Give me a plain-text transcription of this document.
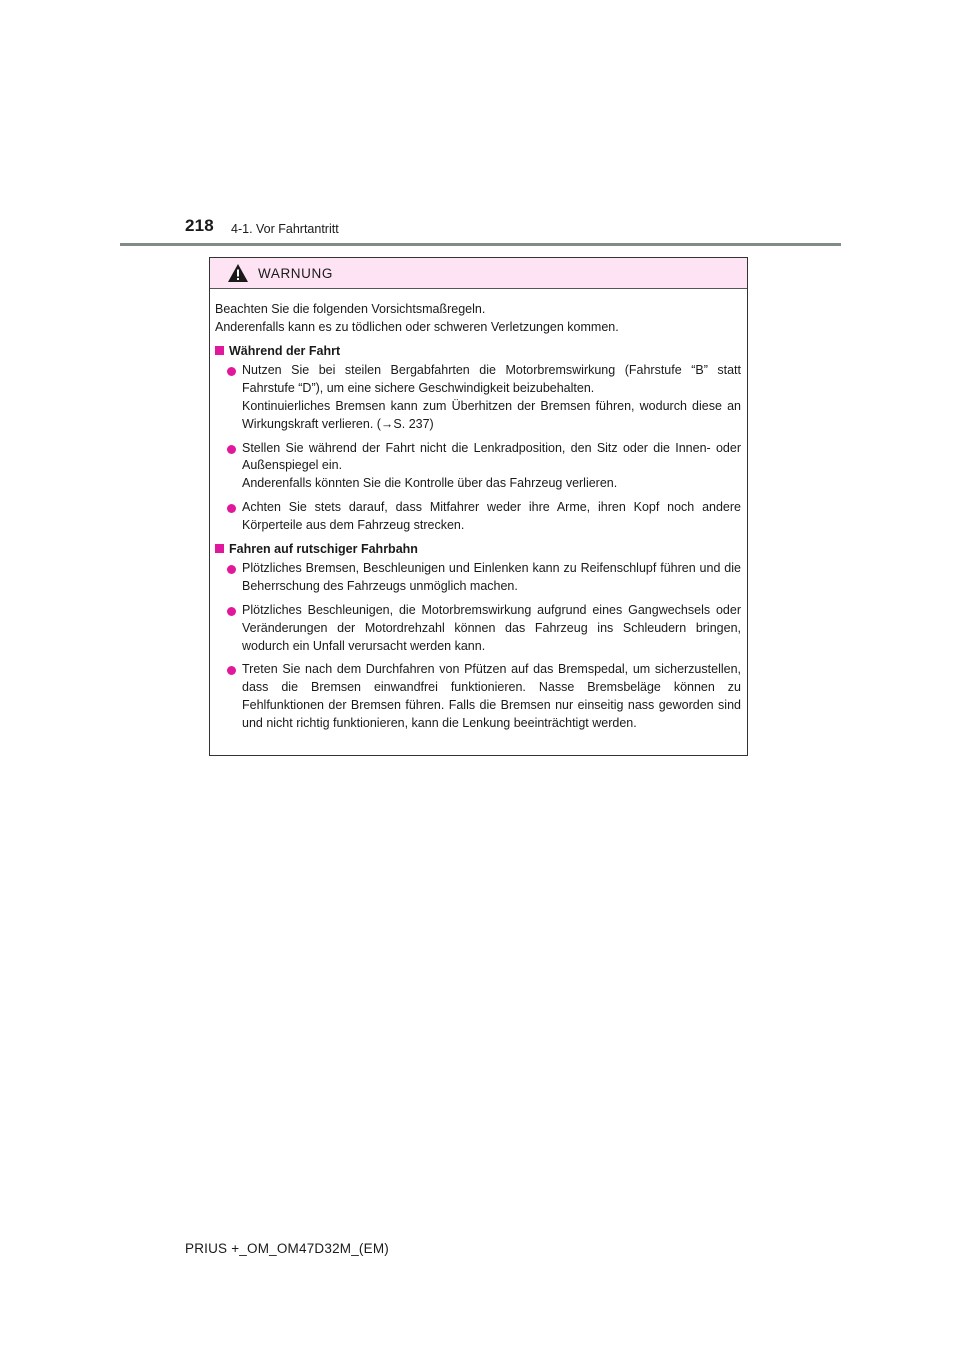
218 4-1. Vor Fahrtantritt
WARNUNG
Beachten Sie die folgenden Vorsichtsmaßregeln.
Anderenfalls kann es zu tödlichen oder schweren Verletzungen kommen.
Während der Fahrt
Nutzen Sie bei steilen Bergabfahrten die Motorbremswirkung (Fahrstufe “B” statt Fahrstufe “D”), um eine sichere Geschwindigkeit beizubehalten.
Kontinuierliches Bremsen kann zum Überhitzen der Bremsen führen, wodurch diese an Wirkungskraft verlieren. (→S. 237)
Stellen Sie während der Fahrt nicht die Lenkradposition, den Sitz oder die Innen- oder Außenspiegel ein.
Anderenfalls könnten Sie die Kontrolle über das Fahrzeug verlieren.
Achten Sie stets darauf, dass Mitfahrer weder ihre Arme, ihren Kopf noch andere Körperteile aus dem Fahrzeug strecken.
Fahren auf rutschiger Fahrbahn
Plötzliches Bremsen, Beschleunigen und Einlenken kann zu Reifenschlupf führen und die Beherrschung des Fahrzeugs unmöglich machen.
Plötzliches Beschleunigen, die Motorbremswirkung aufgrund eines Gangwechsels oder Veränderungen der Motordrehzahl können das Fahrzeug ins Schleudern bringen, wodurch ein Unfall verursacht werden kann.
Treten Sie nach dem Durchfahren von Pfützen auf das Bremspedal, um sicherzustellen, dass die Bremsen einwandfrei funktionieren. Nasse Bremsbeläge können zu Fehlfunktionen der Bremsen führen. Falls die Bremsen nur einseitig nass geworden sind und nicht richtig funktionieren, kann die Lenkung beeinträchtigt werden.
PRIUS +_OM_OM47D32M_(EM)
